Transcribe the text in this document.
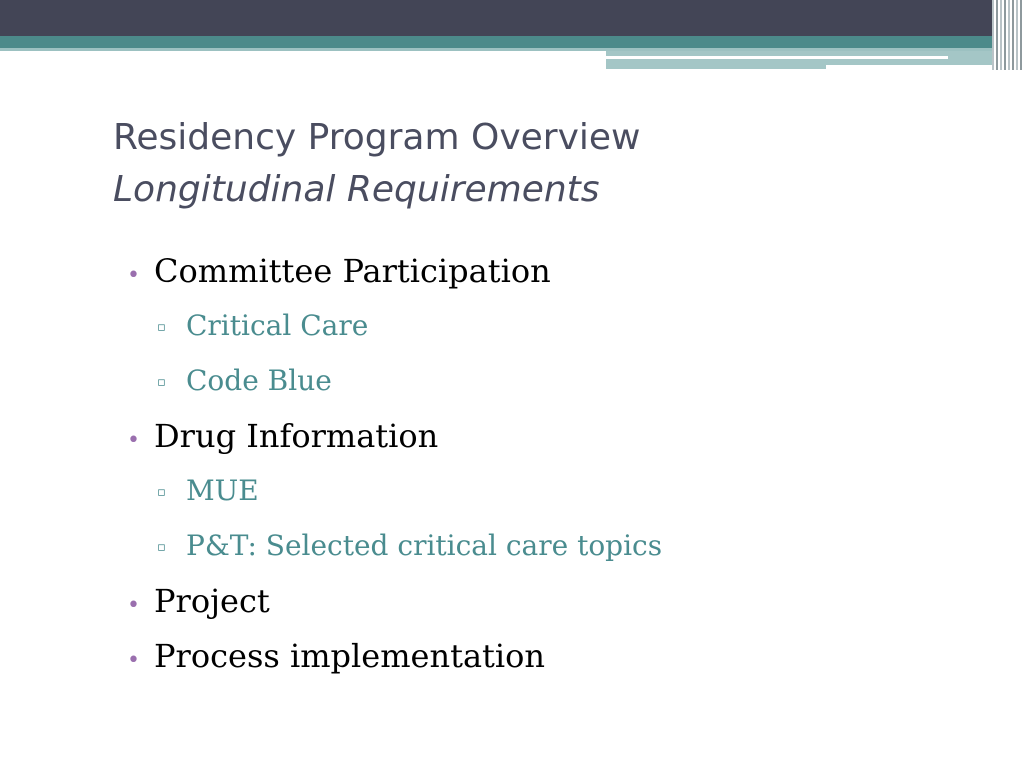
Residency Program Overview
Longitudinal Requirements
• Committee Participation
▫ Critical Care
▫ Code Blue
• Drug Information
▫ MUE
▫ P&T: Selected critical care topics
• Project
• Process implementation
